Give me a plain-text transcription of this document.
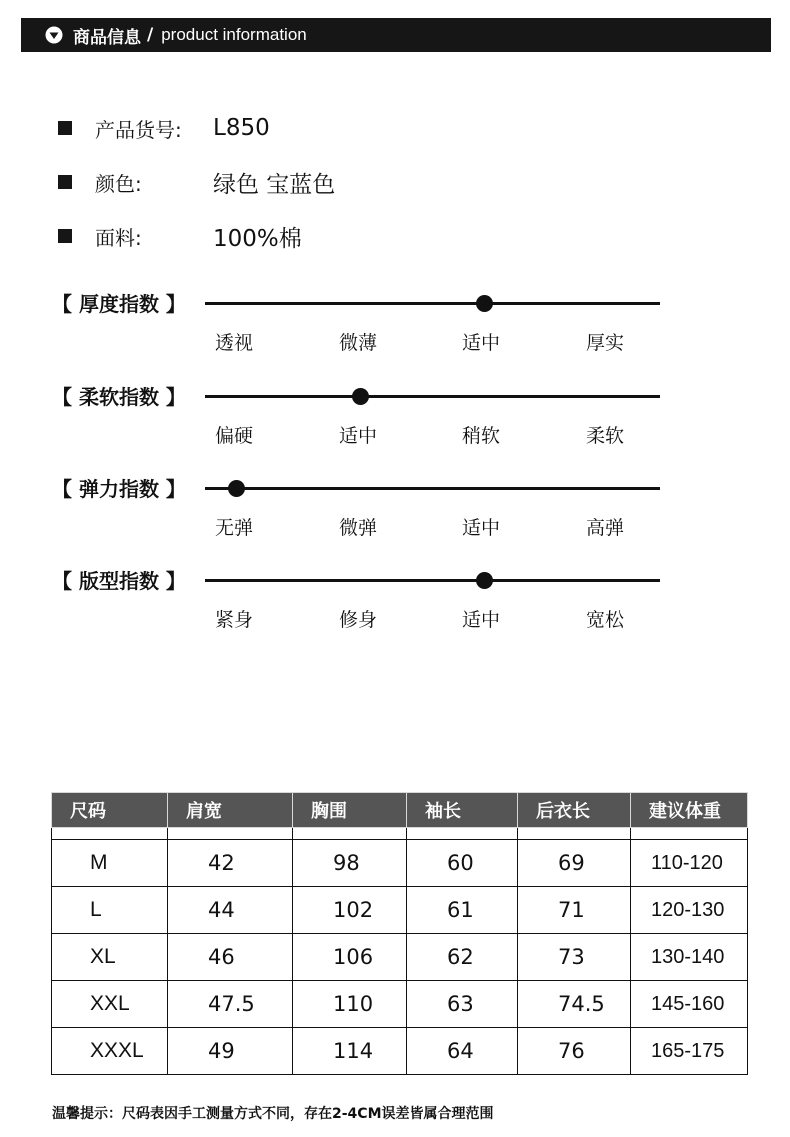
商品信息 / product information
产品货号: L850
颜色:	绿色 宝蓝色
面料:	100%棉
【 厚度指数 】
透视	微薄	适中	厚实
【 柔软指数 】
偏硬	适中	稍软	柔软
【 弹力指数 】
无弹	微弹	适中	高弹
【 版型指数 】
紧身	修身	适中	宽松
尺码	肩宽	胸围	袖长	后衣长	建议体重

M	42	98	60	69	110-120
L	44	102	61	71	120-130
XL	46	106	62	73	130-140
XXL	47.5	110	63	74.5	145-160
XXXL	49	114	64	76	165-175
温馨提示：尺码表因手工测量方式不同，存在2-4CM误差皆属合理范围
